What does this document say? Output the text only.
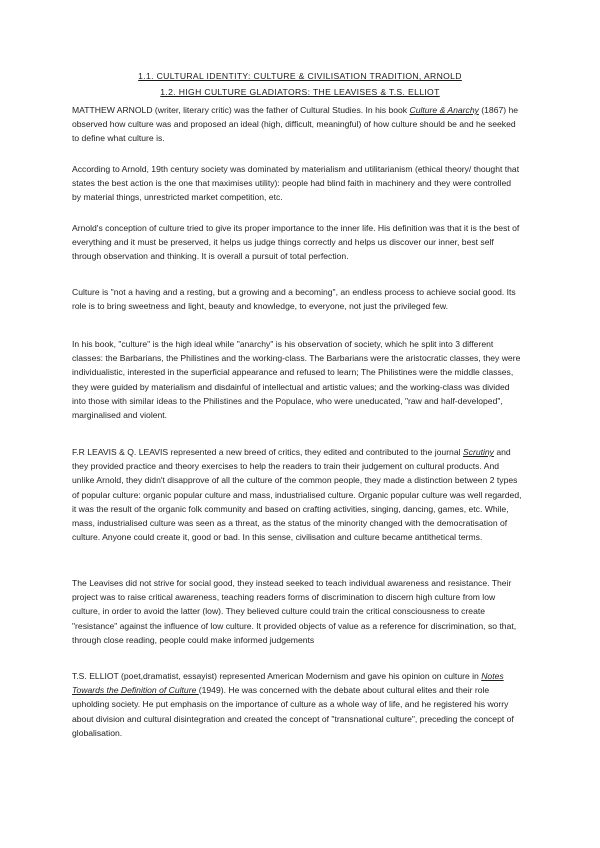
1.1. CULTURAL IDENTITY: CULTURE & CIVILISATION TRADITION, ARNOLD
1.2. HIGH CULTURE GLADIATORS: THE LEAVISES & T.S. ELLIOT

MATTHEW ARNOLD (writer, literary critic) was the father of Cultural Studies. In his book Culture & Anarchy (1867) he observed how culture was and proposed an ideal (high, difficult, meaningful) of how culture should be and he seeked to define what culture is.

According to Arnold, 19th century society was dominated by materialism and utilitarianism (ethical theory/ thought that states the best action is the one that maximises utility): people had blind faith in machinery and they were controlled by material things, unrestricted market competition, etc.

Arnold's conception of culture tried to give its proper importance to the inner life. His definition was that it is the best of everything and it must be preserved, it helps us judge things correctly and helps us discover our inner, best self through observation and thinking. It is overall a pursuit of total perfection.

Culture is "not a having and a resting, but a growing and a becoming", an endless process to achieve social good. Its role is to bring sweetness and light, beauty and knowledge, to everyone, not just the privileged few.

In his book, "culture" is the high ideal while "anarchy" is his observation of society, which he split into 3 different classes: the Barbarians, the Philistines and the working-class. The Barbarians were the aristocratic classes, they were individualistic, interested in the superficial appearance and refused to learn; The Philistines were the middle classes, they were guided by materialism and disdainful of intellectual and artistic values; and the working-class was divided into those with similar ideas to the Philistines and the Populace, who were uneducated, "raw and half-developed", marginalised and violent.

F.R LEAVIS & Q. LEAVIS represented a new breed of critics, they edited and contributed to the journal Scrutiny and they provided practice and theory exercises to help the readers to train their judgement on cultural products. And unlike Arnold, they didn't disapprove of all the culture of the common people, they made a distinction between 2 types of popular culture: organic popular culture and mass, industrialised culture. Organic popular culture was well regarded, it was the result of the organic folk community and based on crafting activities, singing, dancing, games, etc. While, mass, industrialised culture was seen as a threat, as the status of the minority changed with the democratisation of culture. Anyone could create it, good or bad. In this sense, civilisation and culture became antithetical terms.

The Leavises did not strive for social good, they instead seeked to teach individual awareness and resistance. Their project was to raise critical awareness, teaching readers forms of discrimination to discern high culture from low culture, in order to avoid the latter (low). They believed culture could train the critical consciousness to create "resistance" against the influence of low culture. It provided objects of value as a reference for discrimination, so that, through close reading, people could make informed judgements

T.S. ELLIOT (poet,dramatist, essayist) represented American Modernism and gave his opinion on culture in Notes Towards the Definition of Culture (1949). He was concerned with the debate about cultural elites and their role upholding society. He put emphasis on the importance of culture as a whole way of life, and he registered his worry about division and cultural disintegration and created the concept of "transnational culture", preceding the concept of globalisation.
